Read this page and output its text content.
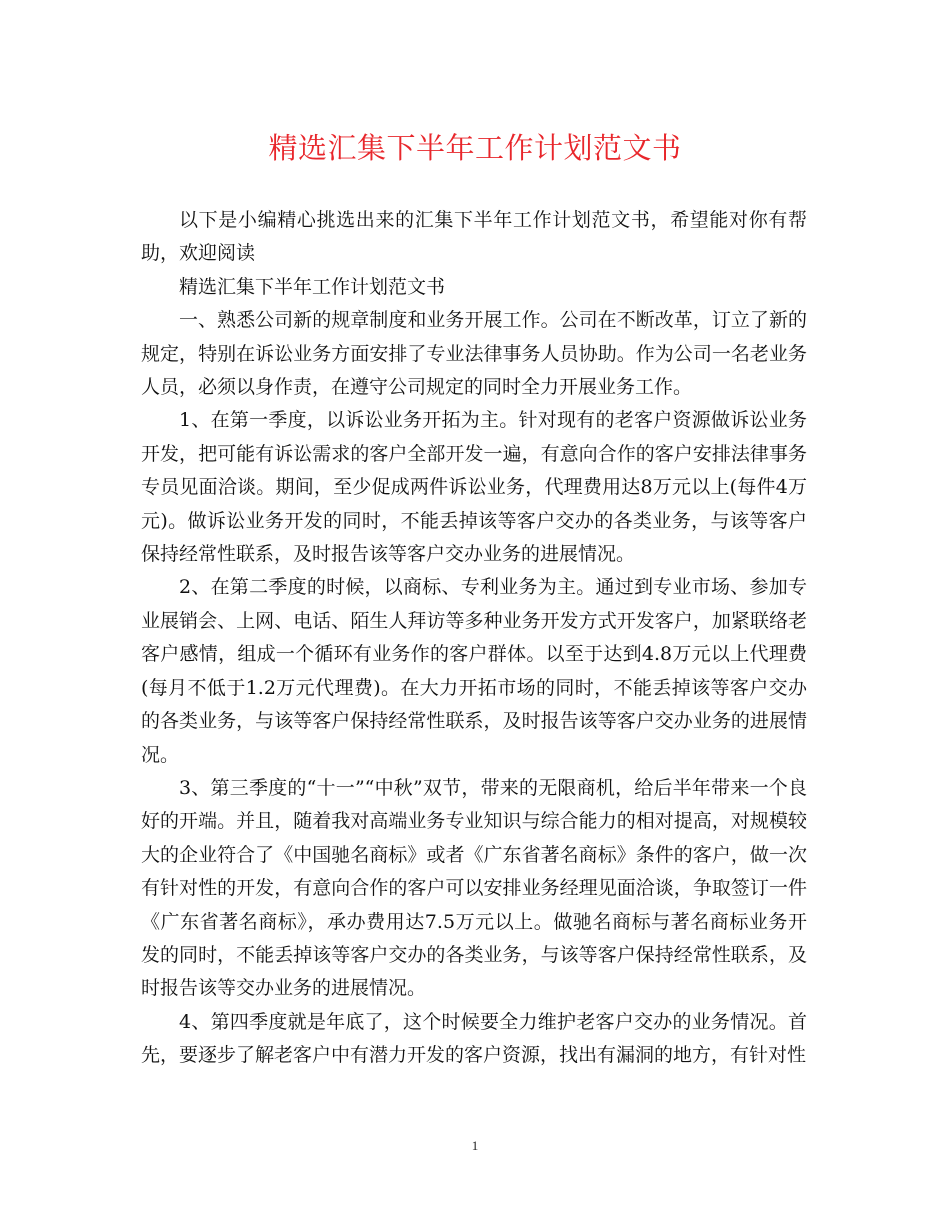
精选汇集下半年工作计划范文书

以下是小编精心挑选出来的汇集下半年工作计划范文书，希望能对你有帮助，欢迎阅读

精选汇集下半年工作计划范文书

一、熟悉公司新的规章制度和业务开展工作。公司在不断改革，订立了新的规定，特别在诉讼业务方面安排了专业法律事务人员协助。作为公司一名老业务人员，必须以身作责，在遵守公司规定的同时全力开展业务工作。

1、在第一季度，以诉讼业务开拓为主。针对现有的老客户资源做诉讼业务开发，把可能有诉讼需求的客户全部开发一遍，有意向合作的客户安排法律事务专员见面洽谈。期间，至少促成两件诉讼业务，代理费用达8万元以上(每件4万元)。做诉讼业务开发的同时，不能丢掉该等客户交办的各类业务，与该等客户保持经常性联系，及时报告该等客户交办业务的进展情况。

2、在第二季度的时候，以商标、专利业务为主。通过到专业市场、参加专业展销会、上网、电话、陌生人拜访等多种业务开发方式开发客户，加紧联络老客户感情，组成一个循环有业务作的客户群体。以至于达到4.8万元以上代理费(每月不低于1.2万元代理费)。在大力开拓市场的同时，不能丢掉该等客户交办的各类业务，与该等客户保持经常性联系，及时报告该等客户交办业务的进展情况。

3、第三季度的“十一”“中秋”双节，带来的无限商机，给后半年带来一个良好的开端。并且，随着我对高端业务专业知识与综合能力的相对提高，对规模较大的企业符合了《中国驰名商标》或者《广东省著名商标》条件的客户，做一次有针对性的开发，有意向合作的客户可以安排业务经理见面洽谈，争取签订一件《广东省著名商标》，承办费用达7.5万元以上。做驰名商标与著名商标业务开发的同时，不能丢掉该等客户交办的各类业务，与该等客户保持经常性联系，及时报告该等交办业务的进展情况。

4、第四季度就是年底了，这个时候要全力维护老客户交办的业务情况。首先，要逐步了解老客户中有潜力开发的客户资源，找出有漏洞的地方，有针对性

1
